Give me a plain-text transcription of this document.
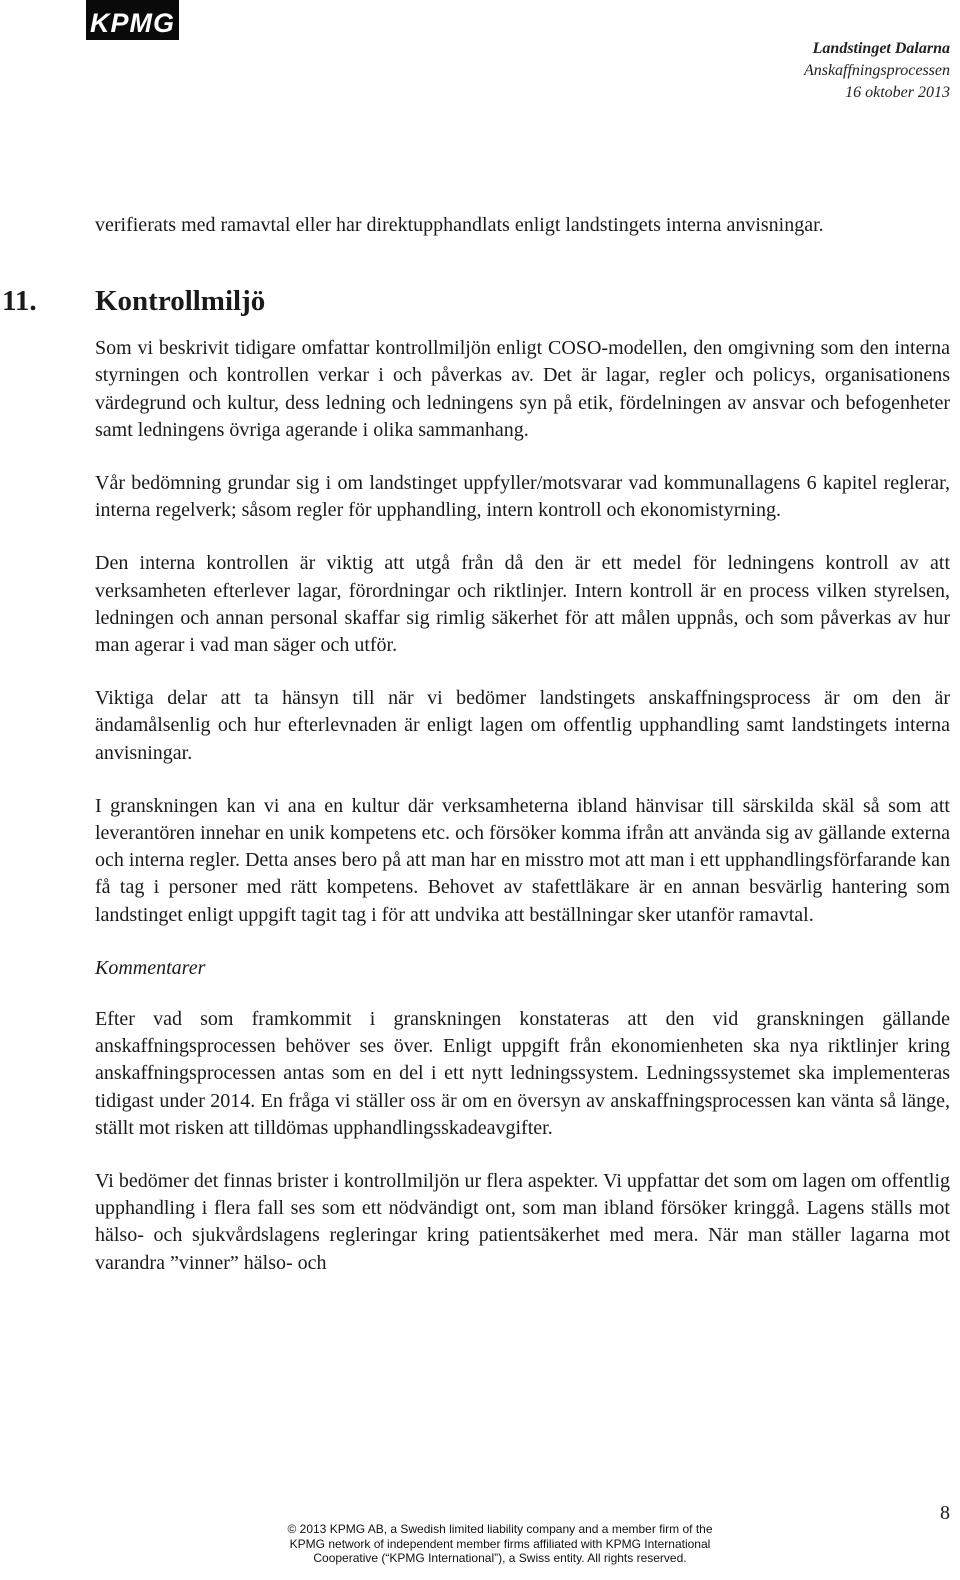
KPMG
Landstinget Dalarna
Anskaffningsprocessen
16 oktober 2013

verifierats med ramavtal eller har direktupphandlats enligt landstingets interna anvisningar.

11.	Kontrollmiljö

Som vi beskrivit tidigare omfattar kontrollmiljön enligt COSO-modellen, den omgivning som den interna styrningen och kontrollen verkar i och påverkas av. Det är lagar, regler och policys, organisationens värdegrund och kultur, dess ledning och ledningens syn på etik, fördelningen av ansvar och befogenheter samt ledningens övriga agerande i olika sammanhang.

Vår bedömning grundar sig i om landstinget uppfyller/motsvarar vad kommunallagens 6 kapitel reglerar, interna regelverk; såsom regler för upphandling, intern kontroll och ekonomistyrning.

Den interna kontrollen är viktig att utgå från då den är ett medel för ledningens kontroll av att verksamheten efterlever lagar, förordningar och riktlinjer. Intern kontroll är en process vilken styrelsen, ledningen och annan personal skaffar sig rimlig säkerhet för att målen uppnås, och som påverkas av hur man agerar i vad man säger och utför.

Viktiga delar att ta hänsyn till när vi bedömer landstingets anskaffningsprocess är om den är ändamålsenlig och hur efterlevnaden är enligt lagen om offentlig upphandling samt landstingets interna anvisningar.

I granskningen kan vi ana en kultur där verksamheterna ibland hänvisar till särskilda skäl så som att leverantören innehar en unik kompetens etc. och försöker komma ifrån att använda sig av gällande externa och interna regler. Detta anses bero på att man har en misstro mot att man i ett upphandlingsförfarande kan få tag i personer med rätt kompetens. Behovet av stafettläkare är en annan besvärlig hantering som landstinget enligt uppgift tagit tag i för att undvika att beställningar sker utanför ramavtal.

Kommentarer

Efter vad som framkommit i granskningen konstateras att den vid granskningen gällande anskaffningsprocessen behöver ses över. Enligt uppgift från ekonomienheten ska nya riktlinjer kring anskaffningsprocessen antas som en del i ett nytt ledningssystem. Ledningssystemet ska implementeras tidigast under 2014. En fråga vi ställer oss är om en översyn av anskaffningsprocessen kan vänta så länge, ställt mot risken att tilldömas upphandlingsskadeavgifter.

Vi bedömer det finnas brister i kontrollmiljön ur flera aspekter. Vi uppfattar det som om lagen om offentlig upphandling i flera fall ses som ett nödvändigt ont, som man ibland försöker kringgå. Lagens ställs mot hälso- och sjukvårdslagens regleringar kring patientsäkerhet med mera. När man ställer lagarna mot varandra ”vinner” hälso- och

8
© 2013 KPMG AB, a Swedish limited liability company and a member firm of the
KPMG network of independent member firms affiliated with KPMG International
Cooperative (“KPMG International”), a Swiss entity. All rights reserved.
